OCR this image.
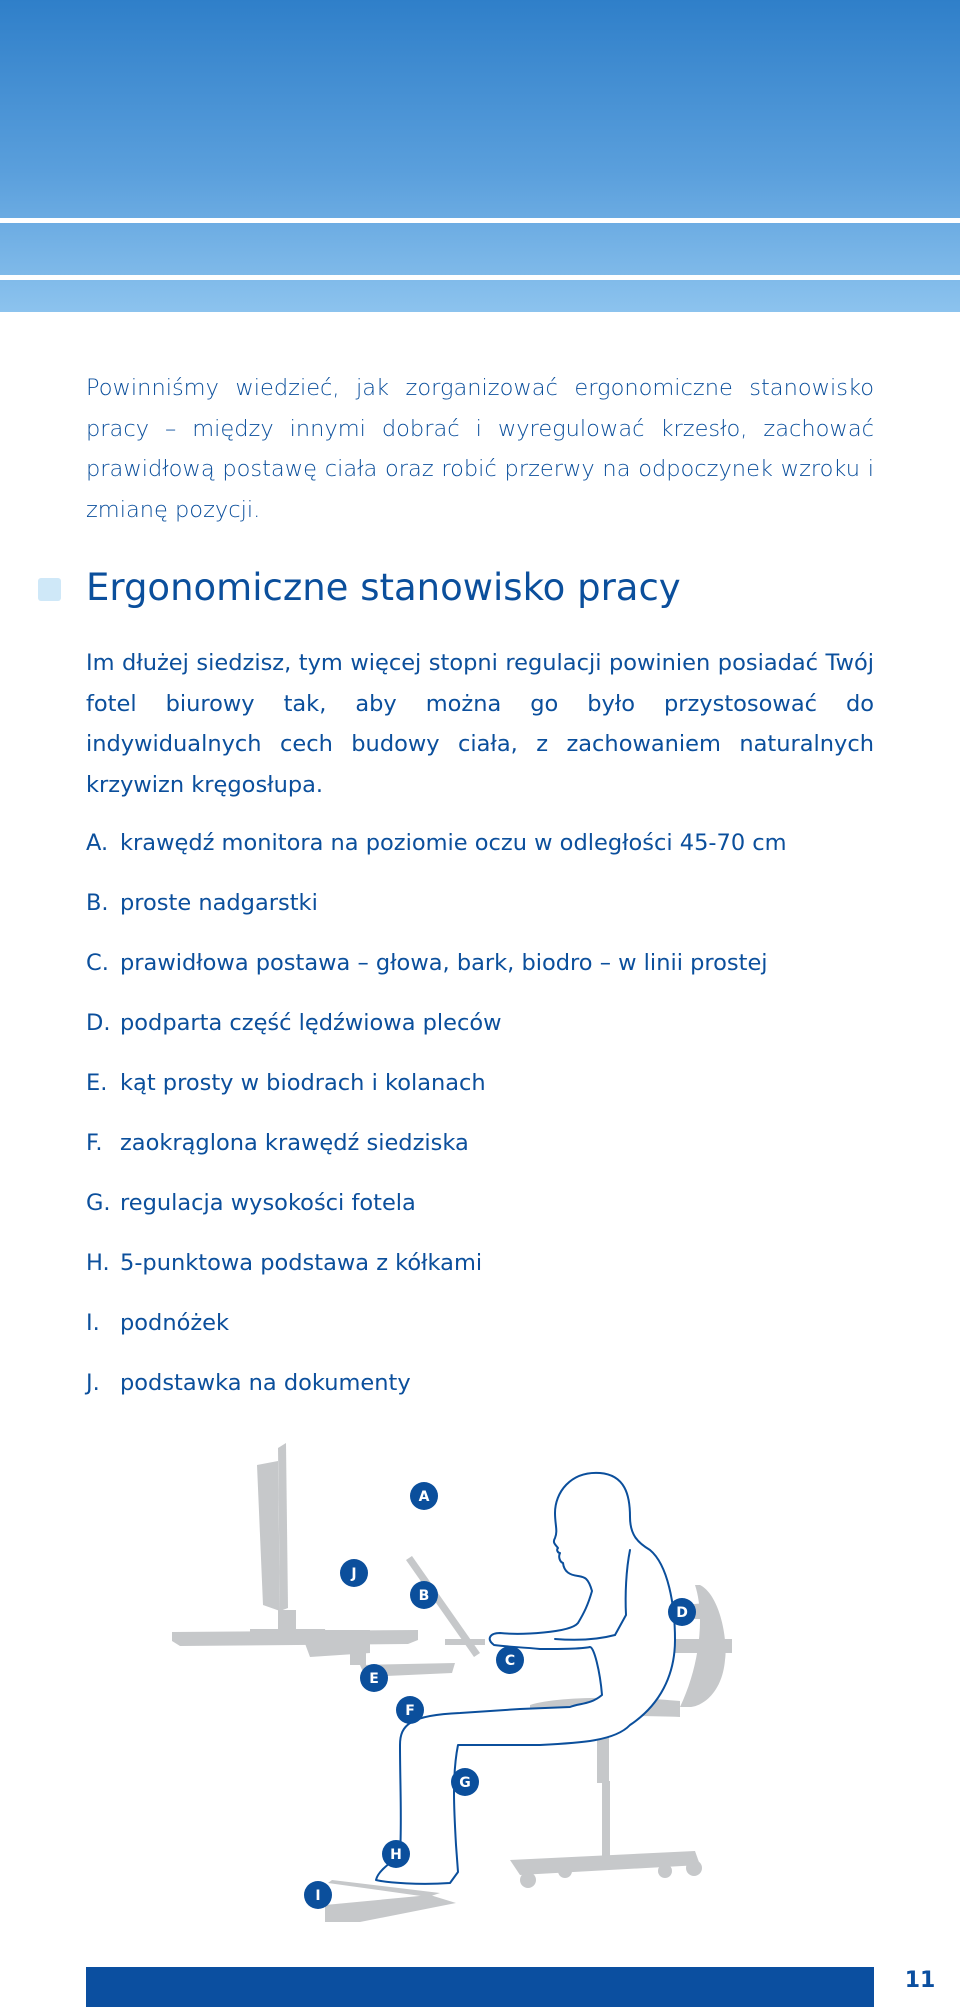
Powinniśmy wiedzieć, jak zorganizować ergonomiczne stanowisko pracy – między innymi dobrać i wyregulować krzesło, zachować prawidłową postawę ciała oraz robić przerwy na odpoczynek wzroku i zmianę pozycji.

Ergonomiczne stanowisko pracy

Im dłużej siedzisz, tym więcej stopni regulacji powinien posiadać Twój fotel biurowy tak, aby można go było przystosować do indywidualnych cech budowy ciała, z zachowaniem naturalnych krzywizn kręgosłupa.

A. krawędź monitora na poziomie oczu w odległości 45-70 cm
B. proste nadgarstki
C. prawidłowa postawa – głowa, bark, biodro – w linii prostej
D. podparta część lędźwiowa pleców
E. kąt prosty w biodrach i kolanach
F. zaokrąglona krawędź siedziska
G. regulacja wysokości fotela
H. 5-punktowa podstawa z kółkami
I. podnóżek
J. podstawka na dokumenty
A
J
B
D
C
E
F
G
H
I
11
